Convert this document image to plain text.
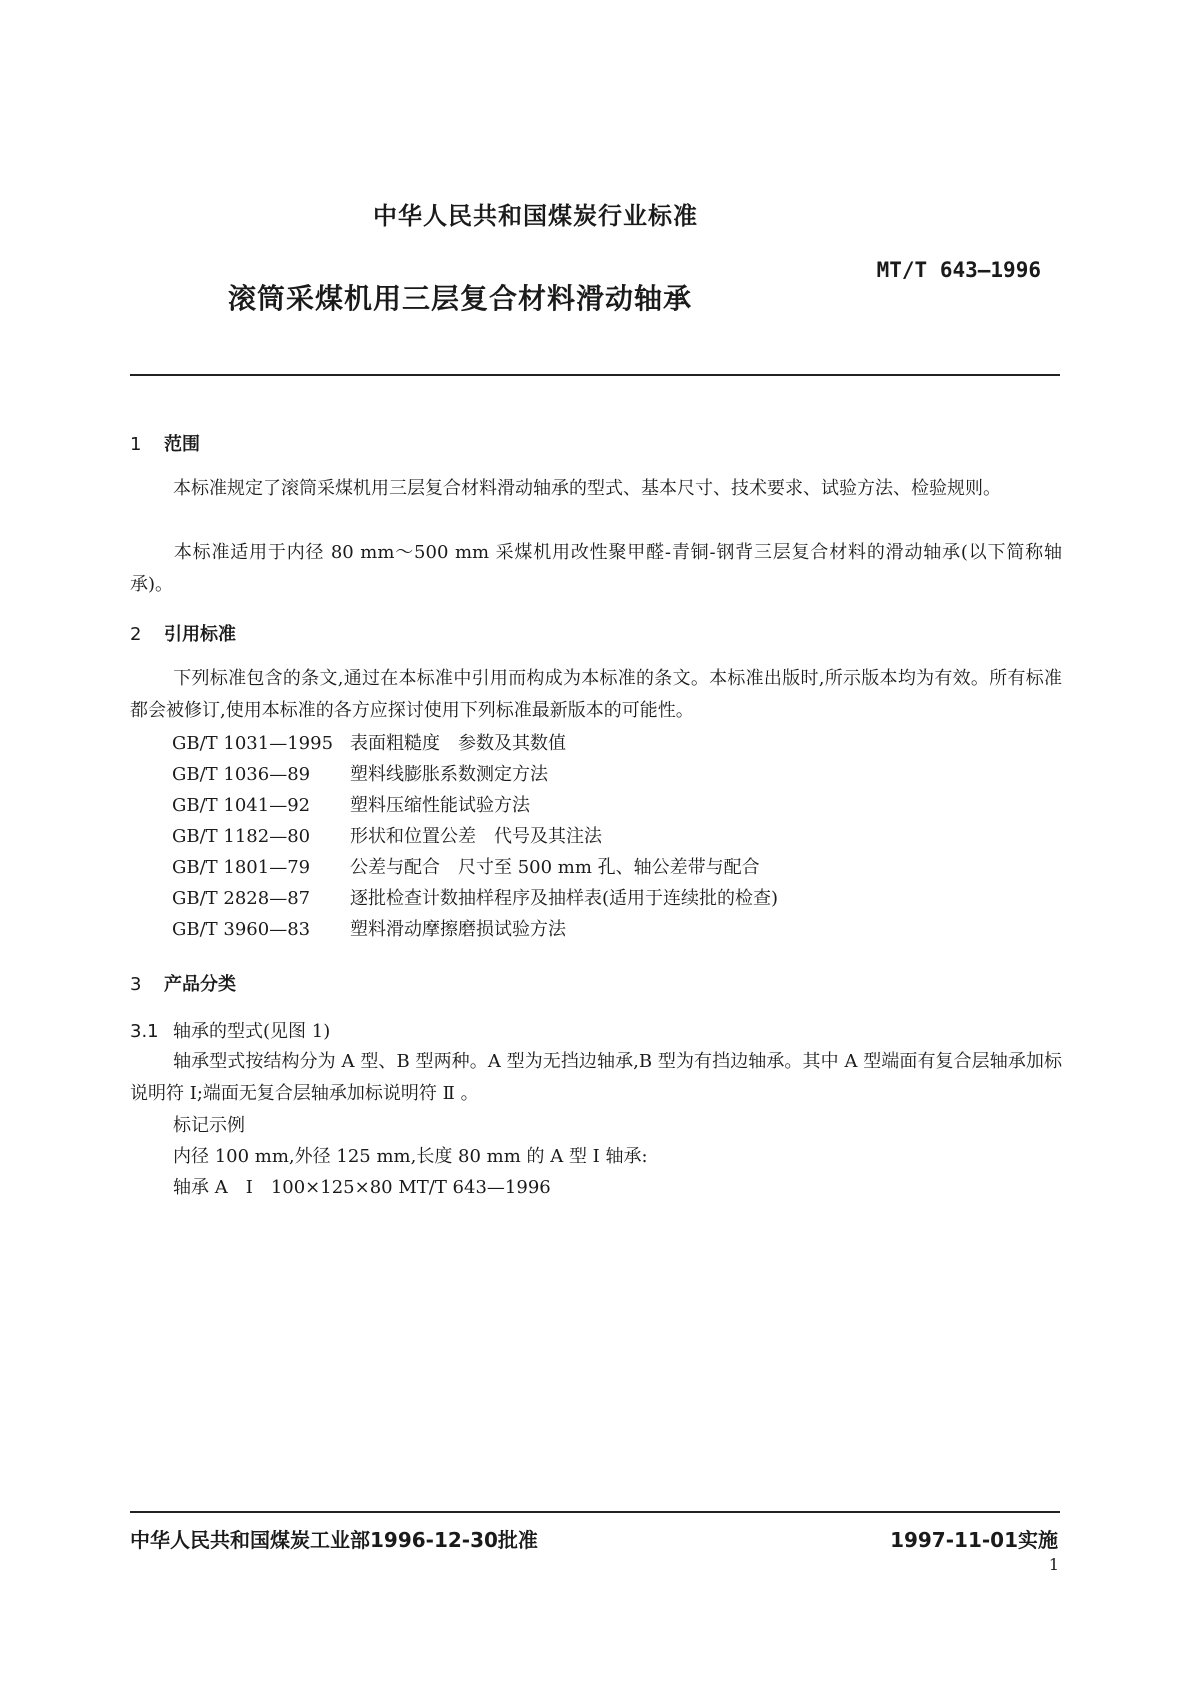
中华人民共和国煤炭行业标准
MT/T 643—1996
滚筒采煤机用三层复合材料滑动轴承
1 范围
本标准规定了滚筒采煤机用三层复合材料滑动轴承的型式、基本尺寸、技术要求、试验方法、检验规则。
本标准适用于内径 80 mm～500 mm 采煤机用改性聚甲醛-青铜-钢背三层复合材料的滑动轴承(以下简称轴承)。
2 引用标准
下列标准包含的条文,通过在本标准中引用而构成为本标准的条文。本标准出版时,所示版本均为有效。所有标准都会被修订,使用本标准的各方应探讨使用下列标准最新版本的可能性。
GB/T 1031—1995 表面粗糙度　参数及其数值
GB/T 1036—89 塑料线膨胀系数测定方法
GB/T 1041—92 塑料压缩性能试验方法
GB/T 1182—80 形状和位置公差　代号及其注法
GB/T 1801—79 公差与配合　尺寸至 500 mm 孔、轴公差带与配合
GB/T 2828—87 逐批检查计数抽样程序及抽样表(适用于连续批的检查)
GB/T 3960—83 塑料滑动摩擦磨损试验方法
3 产品分类
3.1 轴承的型式(见图 1)
轴承型式按结构分为 A 型、B 型两种。A 型为无挡边轴承,B 型为有挡边轴承。其中 A 型端面有复合层轴承加标说明符 I;端面无复合层轴承加标说明符 Ⅱ 。
标记示例
内径 100 mm,外径 125 mm,长度 80 mm 的 A 型 I 轴承:
轴承 A　I　100×125×80 MT/T 643—1996
中华人民共和国煤炭工业部1996-12-30批准	1997-11-01实施
1
